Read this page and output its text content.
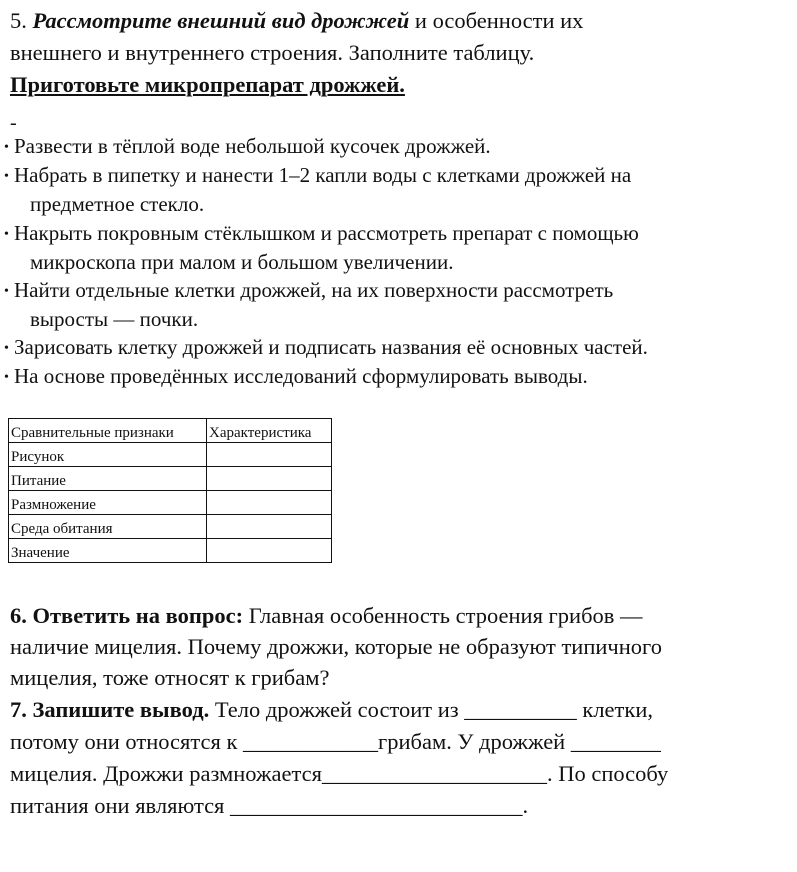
5. Рассмотрите внешний вид дрожжей и особенности их
внешнего и внутреннего строения. Заполните таблицу.
Приготовьте микропрепарат дрожжей.
-
• Развести в тёплой воде небольшой кусочек дрожжей.
• Набрать в пипетку и нанести 1–2 капли воды с клетками дрожжей на
предметное стекло.
• Накрыть покровным стёклышком и рассмотреть препарат с помощью
микроскопа при малом и большом увеличении.
• Найти отдельные клетки дрожжей, на их поверхности рассмотреть
выросты — почки.
• Зарисовать клетку дрожжей и подписать названия её основных частей.
• На основе проведённых исследований сформулировать выводы.
Сравнительные признаки	Характеристика
Рисунок	
Питание	
Размножение	
Среда обитания	
Значение	
6. Ответить на вопрос: Главная особенность строения грибов —
наличие мицелия. Почему дрожжи, которые не образуют типичного
мицелия, тоже относят к грибам?
7. Запишите вывод. Тело дрожжей состоит из __________ клетки,
потому они относятся к ____________грибам. У дрожжей ________
мицелия. Дрожжи размножается____________________. По способу
питания они являются __________________________.
